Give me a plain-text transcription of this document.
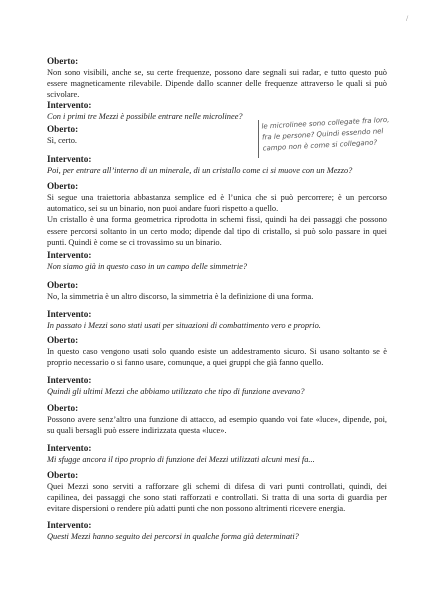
/
Oberto:
Non sono visibili, anche se, su certe frequenze, possono dare segnali sui radar, e tutto questo può essere magneticamente rilevabile. Dipende dallo scanner delle frequenze attraverso le quali si può scivolare.
Intervento:
Con i primi tre Mezzi è possibile entrare nelle microlinee?
Oberto:
Sì, certo.
Intervento:
Poi, per entrare all’interno di un minerale, di un cristallo come ci si muove con un Mezzo?
Oberto:
Si segue una traiettoria abbastanza semplice ed è l’unica che si può percorrere; è un percorso automatico, sei su un binario, non puoi andare fuori rispetto a quello.
Un cristallo è una forma geometrica riprodotta in schemi fissi, quindi ha dei passaggi che possono essere percorsi soltanto in un certo modo; dipende dal tipo di cristallo, si può solo passare in quei punti. Quindi è come se ci trovassimo su un binario.
Intervento:
Non siamo già in questo caso in un campo delle simmetrie?
Oberto:
No, la simmetria è un altro discorso, la simmetria è la definizione di una forma.
Intervento:
In passato i Mezzi sono stati usati per situazioni di combattimento vero e proprio.
Oberto:
In questo caso vengono usati solo quando esiste un addestramento sicuro. Si usano soltanto se è proprio necessario o si fanno usare, comunque, a quei gruppi che già fanno quello.
Intervento:
Quindi gli ultimi Mezzi che abbiamo utilizzato che tipo di funzione avevano?
Oberto:
Possono avere senz’altro una funzione di attacco, ad esempio quando voi fate «luce», dipende, poi, su quali bersagli può essere indirizzata questa «luce».
Intervento:
Mi sfugge ancora il tipo proprio di funzione dei Mezzi utilizzati alcuni mesi fa...
Oberto:
Quei Mezzi sono serviti a rafforzare gli schemi di difesa di vari punti controllati, quindi, dei capilinea, dei passaggi che sono stati rafforzati e controllati. Si tratta di una sorta di guardia per evitare dispersioni o rendere più adatti punti che non possono altrimenti ricevere energia.
Intervento:
Questi Mezzi hanno seguito dei percorsi in qualche forma già determinati?
le microlinee sono collegate fra loro, fra le persone? Quindi essendo nel campo non è come si collegano?
